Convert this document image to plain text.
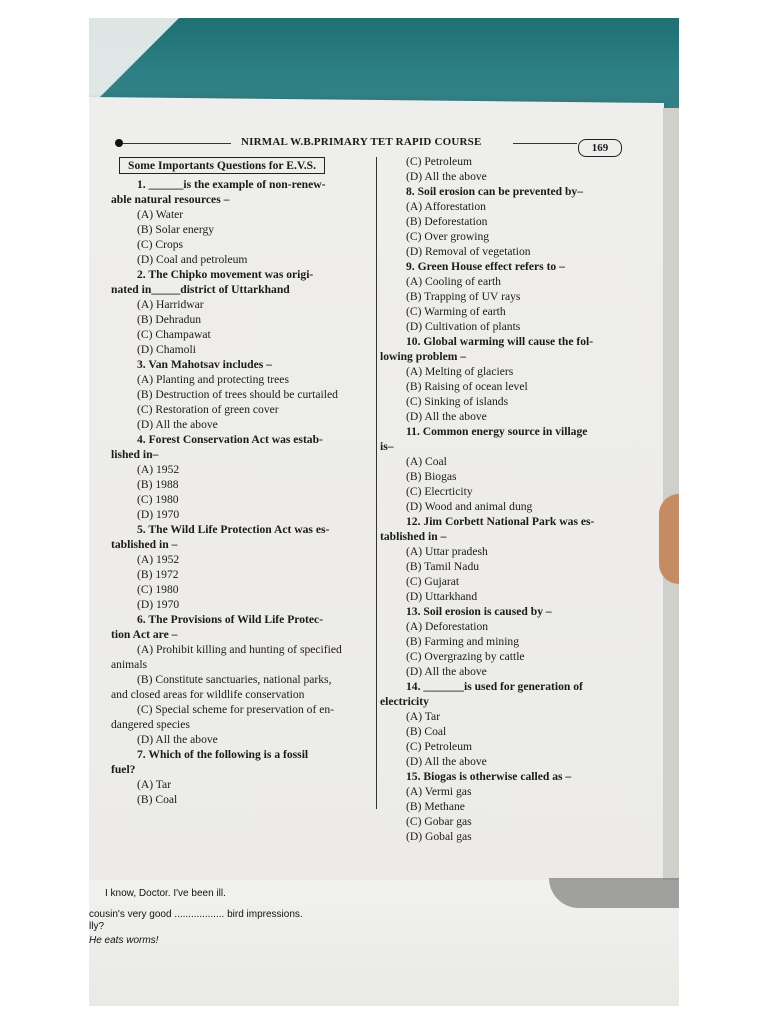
NIRMAL W.B.PRIMARY TET RAPID COURSE	169
Some Importants Questions for E.V.S.

1. ______is the example of non-renew-

able natural resources –

(A) Water

(B) Solar energy

(C) Crops

(D) Coal and petroleum

2. The Chipko movement was origi-

nated in_____district of Uttarkhand

(A) Harridwar

(B) Dehradun

(C) Champawat

(D) Chamoli

3. Van Mahotsav includes –

(A) Planting and protecting trees

(B) Destruction of trees should be curtailed

(C) Restoration of green cover

(D) All the above

4. Forest Conservation Act was estab-

lished in–

(A) 1952

(B) 1988

(C) 1980

(D) 1970

5. The Wild Life Protection Act was es-

tablished in –

(A) 1952

(B) 1972

(C) 1980

(D) 1970

6. The Provisions of Wild Life Protec-

tion Act are –

(A) Prohibit killing and hunting of specified

animals

(B) Constitute sanctuaries, national parks,

and closed areas for wildlife conservation

(C) Special scheme for preservation of en-

dangered species

(D) All the above

7. Which of the following is a fossil

fuel?

(A) Tar

(B) Coal

(C) Petroleum

(D) All the above

8. Soil erosion can be prevented by–

(A) Afforestation

(B) Deforestation

(C) Over growing

(D) Removal of vegetation

9. Green House effect refers to –

(A) Cooling of earth

(B) Trapping of UV rays

(C) Warming of earth

(D) Cultivation of plants

10. Global warming will cause the fol-

lowing problem –

(A) Melting of glaciers

(B) Raising of ocean level

(C) Sinking of islands

(D) All the above

11. Common energy source in village

is–

(A) Coal

(B) Biogas

(C) Elecrticity

(D) Wood and animal dung

12. Jim Corbett National Park was es-

tablished in –

(A) Uttar pradesh

(B) Tamil Nadu

(C) Gujarat

(D) Uttarkhand

13. Soil erosion is caused by –

(A) Deforestation

(B) Farming and mining

(C) Overgrazing by cattle

(D) All the above

14. _______is used for generation of

electricity

(A) Tar

(B) Coal

(C) Petroleum

(D) All the above

15. Biogas is otherwise called as –

(A) Vermi gas

(B) Methane

(C) Gobar gas

(D) Gobal gas

I know, Doctor. I've been ill.

cousin's very good .................. bird impressions.

lly?

He eats worms!
